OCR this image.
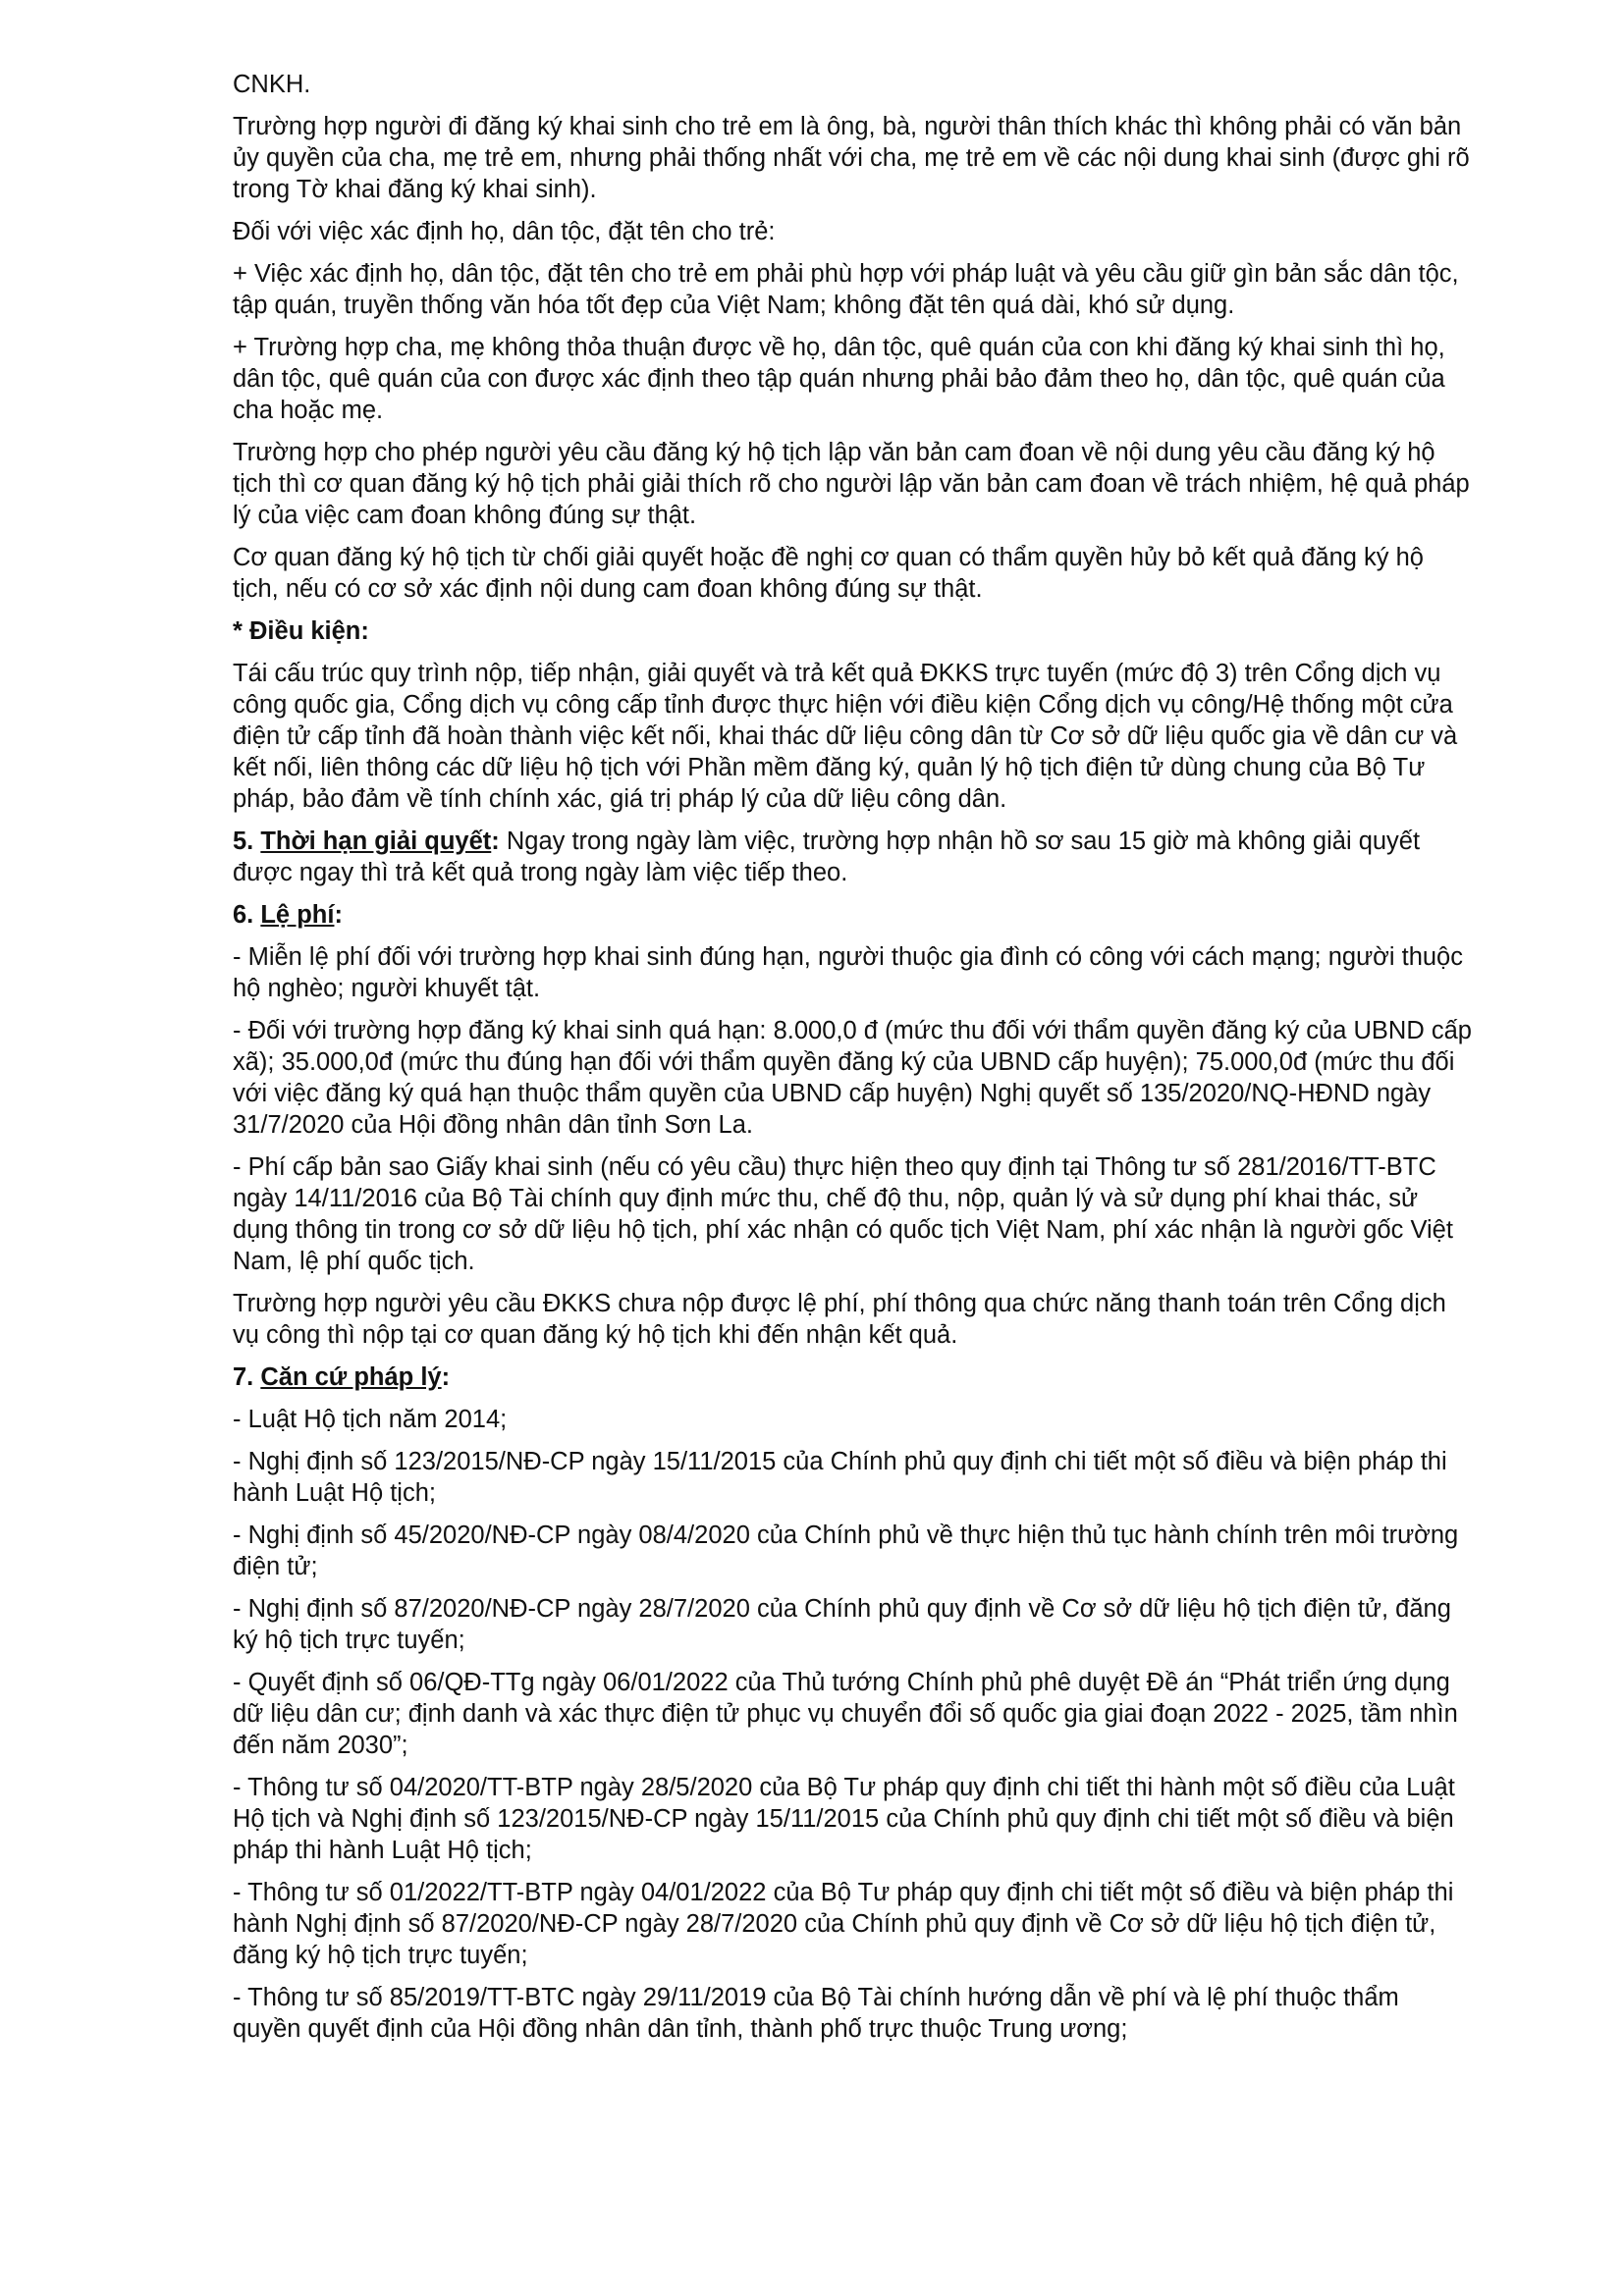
CNKH.

Trường hợp người đi đăng ký khai sinh cho trẻ em là ông, bà, người thân thích khác thì không phải có văn bản ủy quyền của cha, mẹ trẻ em, nhưng phải thống nhất với cha, mẹ trẻ em về các nội dung khai sinh (được ghi rõ trong Tờ khai đăng ký khai sinh).

Đối với việc xác định họ, dân tộc, đặt tên cho trẻ:

+ Việc xác định họ, dân tộc, đặt tên cho trẻ em phải phù hợp với pháp luật và yêu cầu giữ gìn bản sắc dân tộc, tập quán, truyền thống văn hóa tốt đẹp của Việt Nam; không đặt tên quá dài, khó sử dụng.

+ Trường hợp cha, mẹ không thỏa thuận được về họ, dân tộc, quê quán của con khi đăng ký khai sinh thì họ, dân tộc, quê quán của con được xác định theo tập quán nhưng phải bảo đảm theo họ, dân tộc, quê quán của cha hoặc mẹ.

Trường hợp cho phép người yêu cầu đăng ký hộ tịch lập văn bản cam đoan về nội dung yêu cầu đăng ký hộ tịch thì cơ quan đăng ký hộ tịch phải giải thích rõ cho người lập văn bản cam đoan về trách nhiệm, hệ quả pháp lý của việc cam đoan không đúng sự thật.

Cơ quan đăng ký hộ tịch từ chối giải quyết hoặc đề nghị cơ quan có thẩm quyền hủy bỏ kết quả đăng ký hộ tịch, nếu có cơ sở xác định nội dung cam đoan không đúng sự thật.

* Điều kiện:

Tái cấu trúc quy trình nộp, tiếp nhận, giải quyết và trả kết quả ĐKKS trực tuyến (mức độ 3) trên Cổng dịch vụ công quốc gia, Cổng dịch vụ công cấp tỉnh được thực hiện với điều kiện Cổng dịch vụ công/Hệ thống một cửa điện tử cấp tỉnh đã hoàn thành việc kết nối, khai thác dữ liệu công dân từ Cơ sở dữ liệu quốc gia về dân cư và kết nối, liên thông các dữ liệu hộ tịch với Phần mềm đăng ký, quản lý hộ tịch điện tử dùng chung của Bộ Tư pháp, bảo đảm về tính chính xác, giá trị pháp lý của dữ liệu công dân.

5. Thời hạn giải quyết: Ngay trong ngày làm việc, trường hợp nhận hồ sơ sau 15 giờ mà không giải quyết được ngay thì trả kết quả trong ngày làm việc tiếp theo.

6. Lệ phí:

- Miễn lệ phí đối với trường hợp khai sinh đúng hạn, người thuộc gia đình có công với cách mạng; người thuộc hộ nghèo; người khuyết tật.

- Đối với trường hợp đăng ký khai sinh quá hạn: 8.000,0 đ (mức thu đối với thẩm quyền đăng ký của UBND cấp xã); 35.000,0đ (mức thu đúng hạn đối với thẩm quyền đăng ký của UBND cấp huyện); 75.000,0đ (mức thu đối với việc đăng ký quá hạn thuộc thẩm quyền của UBND cấp huyện) Nghị quyết số 135/2020/NQ-HĐND ngày 31/7/2020 của Hội đồng nhân dân tỉnh Sơn La.

- Phí cấp bản sao Giấy khai sinh (nếu có yêu cầu) thực hiện theo quy định tại Thông tư số 281/2016/TT-BTC ngày 14/11/2016 của Bộ Tài chính quy định mức thu, chế độ thu, nộp, quản lý và sử dụng phí khai thác, sử dụng thông tin trong cơ sở dữ liệu hộ tịch, phí xác nhận có quốc tịch Việt Nam, phí xác nhận là người gốc Việt Nam, lệ phí quốc tịch.

Trường hợp người yêu cầu ĐKKS chưa nộp được lệ phí, phí thông qua chức năng thanh toán trên Cổng dịch vụ công thì nộp tại cơ quan đăng ký hộ tịch khi đến nhận kết quả.

7. Căn cứ pháp lý:

- Luật Hộ tịch năm 2014;

- Nghị định số 123/2015/NĐ-CP ngày 15/11/2015 của Chính phủ quy định chi tiết một số điều và biện pháp thi hành Luật Hộ tịch;

- Nghị định số 45/2020/NĐ-CP ngày 08/4/2020 của Chính phủ về thực hiện thủ tục hành chính trên môi trường điện tử;

- Nghị định số 87/2020/NĐ-CP ngày 28/7/2020 của Chính phủ quy định về Cơ sở dữ liệu hộ tịch điện tử, đăng ký hộ tịch trực tuyến;

- Quyết định số 06/QĐ-TTg ngày 06/01/2022 của Thủ tướng Chính phủ phê duyệt Đề án “Phát triển ứng dụng dữ liệu dân cư; định danh và xác thực điện tử phục vụ chuyển đổi số quốc gia giai đoạn 2022 - 2025, tầm nhìn đến năm 2030”;

- Thông tư số 04/2020/TT-BTP ngày 28/5/2020 của Bộ Tư pháp quy định chi tiết thi hành một số điều của Luật Hộ tịch và Nghị định số 123/2015/NĐ-CP ngày 15/11/2015 của Chính phủ quy định chi tiết một số điều và biện pháp thi hành Luật Hộ tịch;

- Thông tư số 01/2022/TT-BTP ngày 04/01/2022 của Bộ Tư pháp quy định chi tiết một số điều và biện pháp thi hành Nghị định số 87/2020/NĐ-CP ngày 28/7/2020 của Chính phủ quy định về Cơ sở dữ liệu hộ tịch điện tử, đăng ký hộ tịch trực tuyến;

- Thông tư số 85/2019/TT-BTC ngày 29/11/2019 của Bộ Tài chính hướng dẫn về phí và lệ phí thuộc thẩm quyền quyết định của Hội đồng nhân dân tỉnh, thành phố trực thuộc Trung ương;
